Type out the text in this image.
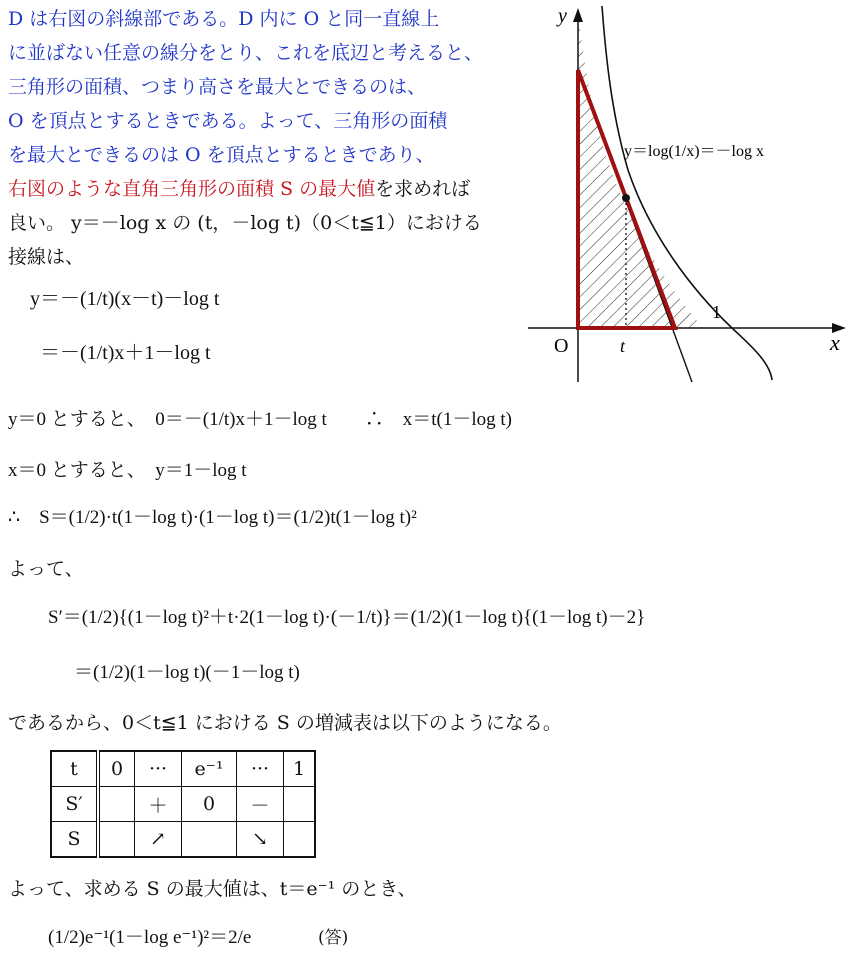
D は右図の斜線部である。D 内に O と同一直線上
に並ばない任意の線分をとり、これを底辺と考えると、
三角形の面積、つまり高さを最大とできるのは、
O を頂点とするときである。よって、三角形の面積
を最大とできるのは O を頂点とするときであり、
右図のような直角三角形の面積 S の最大値を求めれば
良い。 y＝－log x の (t，－log t)（0＜t≦1）における
接線は、
y＝－(1/t)(x－t)－log t
＝－(1/t)x＋1－log t
y＝0 とすると、　0＝－(1/t)x＋1－log t　　∴　x＝t(1－log t)
x＝0 とすると、　y＝1－log t
∴　S＝(1/2)·t(1－log t)·(1－log t)＝(1/2)t(1－log t)²
よって、
S′＝(1/2){(1－log t)²＋t·2(1－log t)·(－1/t)}＝(1/2)(1－log t){(1－log t)－2}
＝(1/2)(1－log t)(－1－log t)
であるから、0＜t≦1 における S の増減表は以下のようになる。
t	0	···	e⁻¹	···	1
S′		＋	0	－	
S		↗		↘	
よって、求める S の最大値は、t＝e⁻¹ のとき、
(1/2)e⁻¹(1－log e⁻¹)²＝2/e	(答)
y
x
O	t
1
y＝log(1/x)＝－log x
